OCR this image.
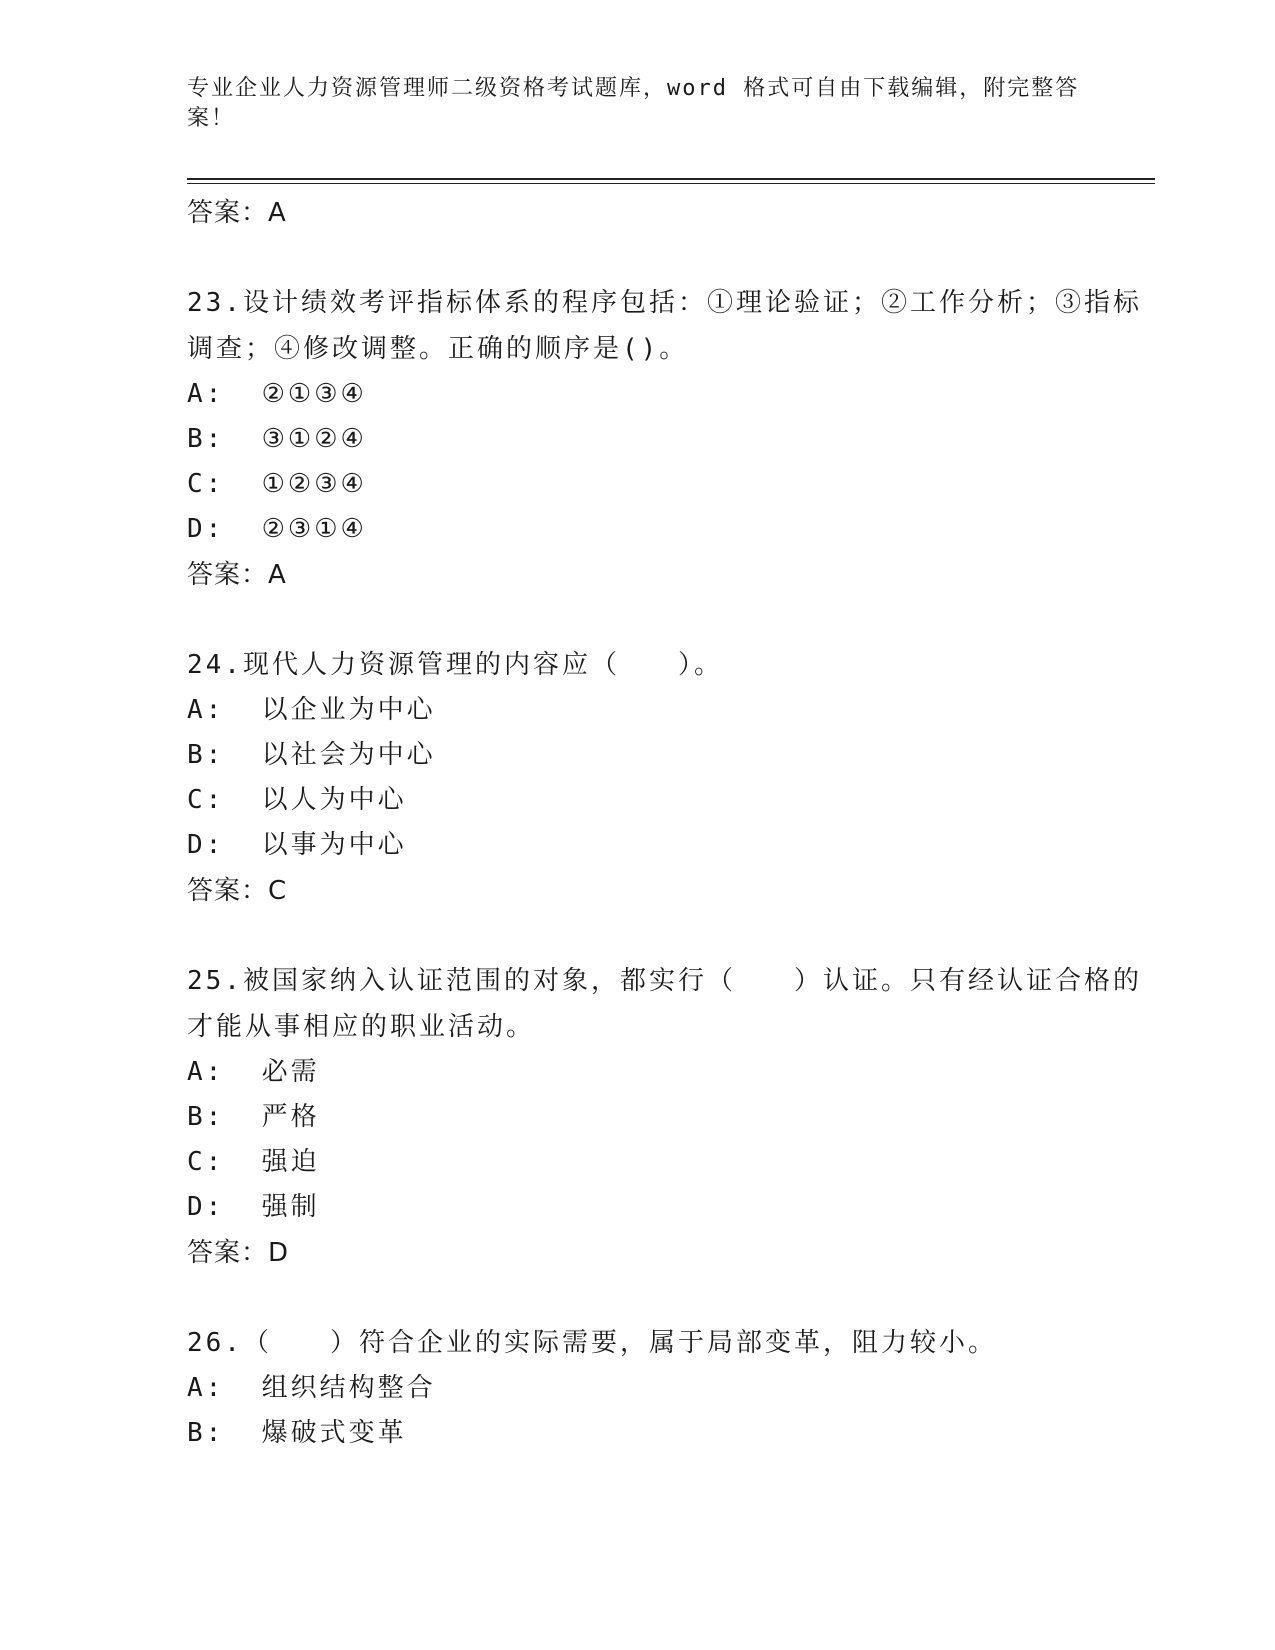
专业企业人力资源管理师二级资格考试题库，word 格式可自由下载编辑，附完整答案！
答案：A
23.设计绩效考评指标体系的程序包括：①理论验证；②工作分析；③指标调查；④修改调整。正确的顺序是()。
A:  ②①③④
B:  ③①②④
C:  ①②③④
D:  ②③①④
答案：A
24.现代人力资源管理的内容应（　　）。
A:  以企业为中心
B:  以社会为中心
C:  以人为中心
D:  以事为中心
答案：C
25.被国家纳入认证范围的对象，都实行（　　）认证。只有经认证合格的才能从事相应的职业活动。
A:  必需
B:  严格
C:  强迫
D:  强制
答案：D
26.（　　）符合企业的实际需要，属于局部变革，阻力较小。
A:  组织结构整合
B:  爆破式变革
